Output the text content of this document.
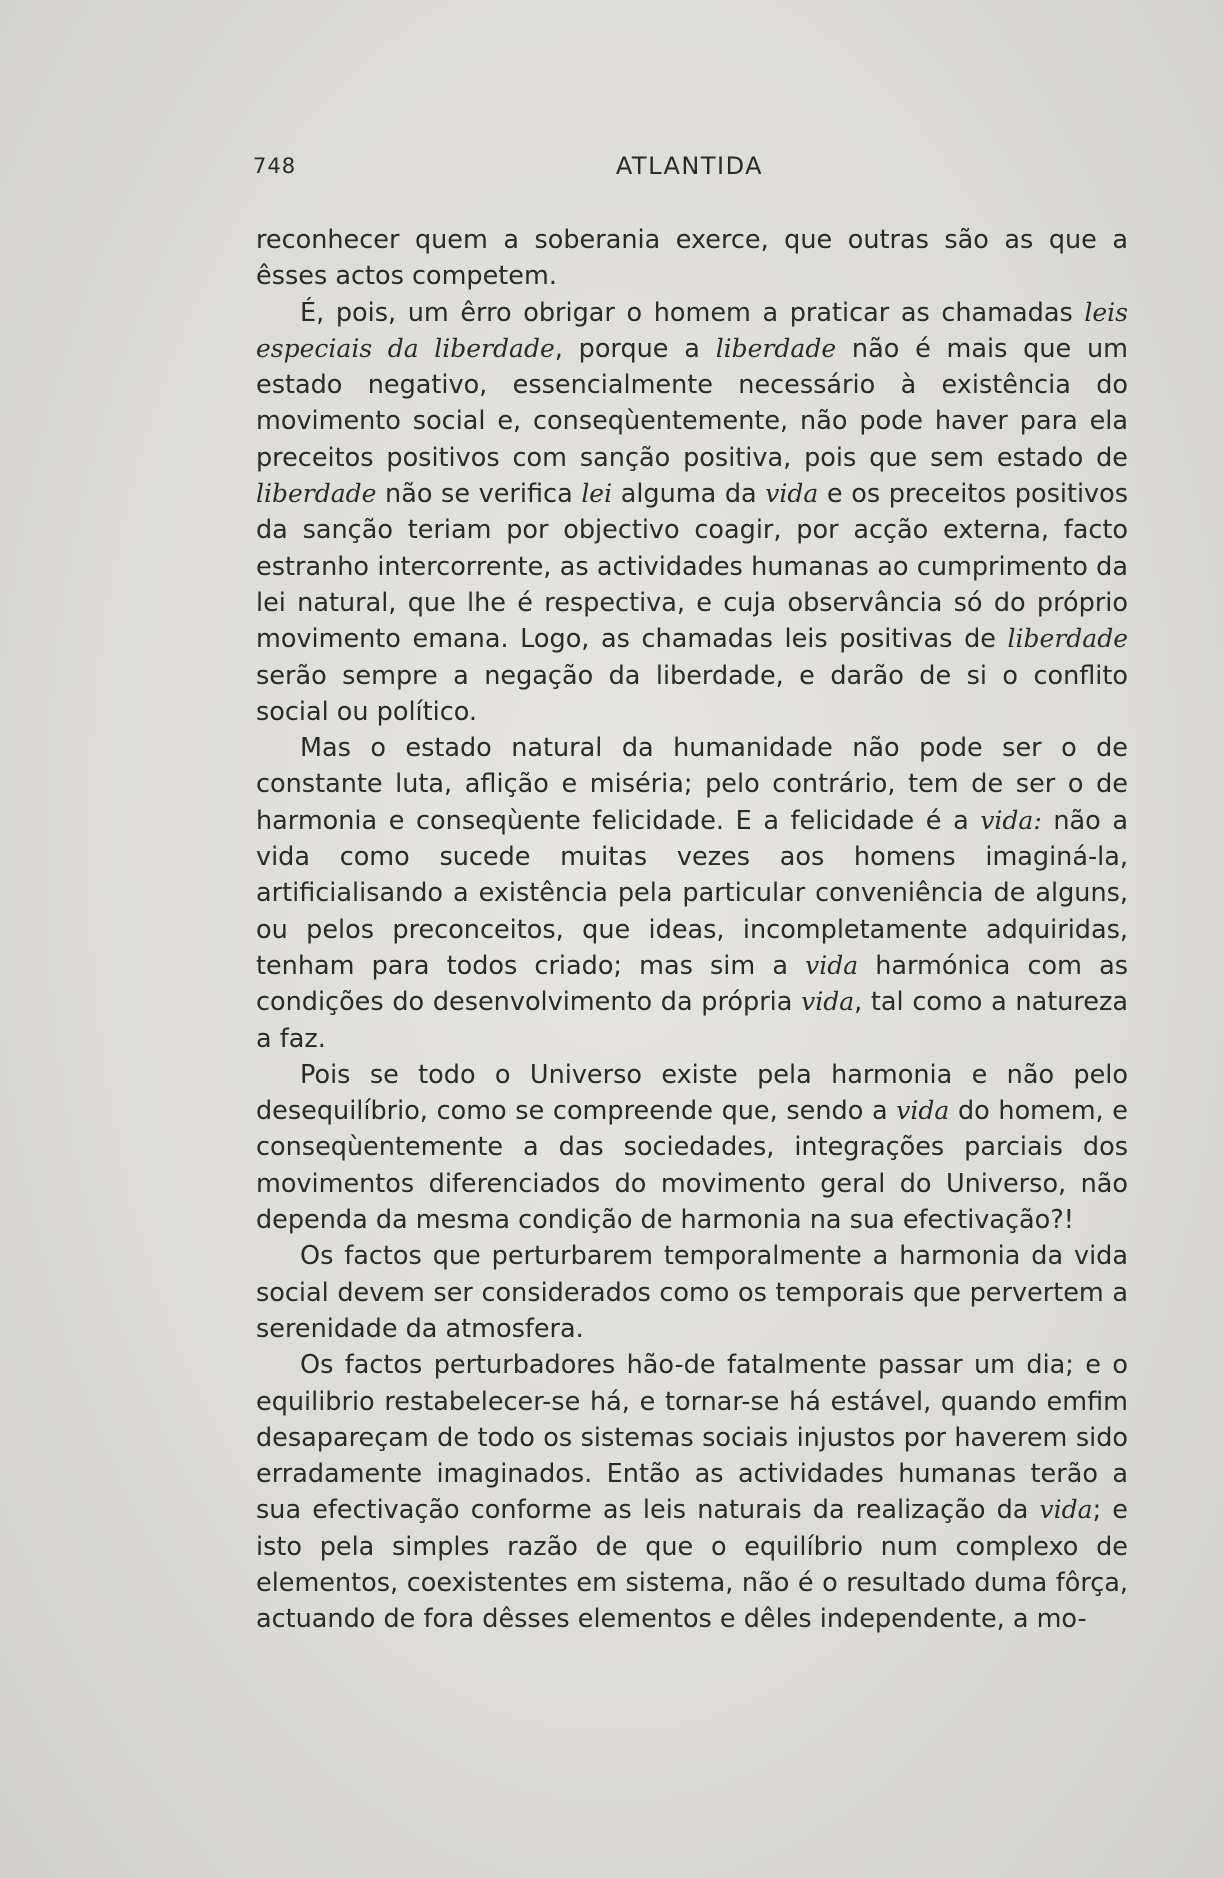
748	ATLANTIDA

reconhecer quem a soberania exerce, que outras são as que a êsses actos competem.

É, pois, um êrro obrigar o homem a praticar as chamadas leis especiais da liberdade, porque a liberdade não é mais que um estado negativo, essencialmente necessário à existência do movimento social e, conseqùentemente, não pode haver para ela preceitos positivos com sanção positiva, pois que sem estado de liberdade não se verifica lei alguma da vida e os preceitos positivos da sanção teriam por objectivo coagir, por acção externa, facto estranho intercorrente, as actividades humanas ao cumprimento da lei natural, que lhe é respectiva, e cuja observância só do próprio movimento emana. Logo, as chamadas leis positivas de liberdade serão sempre a negação da liberdade, e darão de si o conflito social ou político.

Mas o estado natural da humanidade não pode ser o de constante luta, aflição e miséria; pelo contrário, tem de ser o de harmonia e conseqùente felicidade. E a felicidade é a vida: não a vida como sucede muitas vezes aos homens imaginá-la, artificialisando a existência pela particular conveniência de alguns, ou pelos preconceitos, que ideas, incompletamente adquiridas, tenham para todos criado; mas sim a vida harmónica com as condições do desenvolvimento da própria vida, tal como a natureza a faz.

Pois se todo o Universo existe pela harmonia e não pelo desequilíbrio, como se compreende que, sendo a vida do homem, e conseqùentemente a das sociedades, integrações parciais dos movimentos diferenciados do movimento geral do Universo, não dependa da mesma condição de harmonia na sua efectivação?!

Os factos que perturbarem temporalmente a harmonia da vida social devem ser considerados como os temporais que pervertem a serenidade da atmosfera.

Os factos perturbadores hão-de fatalmente passar um dia; e o equilibrio restabelecer-se há, e tornar-se há estável, quando emfim desapareçam de todo os sistemas sociais injustos por haverem sido erradamente imaginados. Então as actividades humanas terão a sua efectivação conforme as leis naturais da realização da vida; e isto pela simples razão de que o equilíbrio num complexo de elementos, coexistentes em sistema, não é o resultado duma fôrça, actuando de fora dêsses elementos e dêles independente, a mo-
